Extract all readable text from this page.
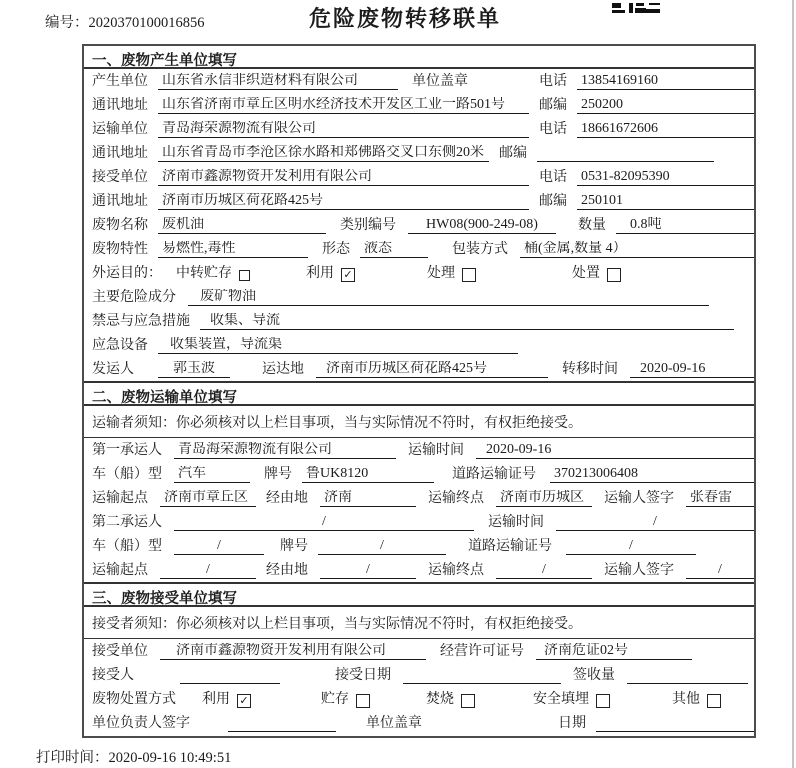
编号：2020370100016856	危险废物转移联单
一、废物产生单位填写
产生单位 山东省永信非织造材料有限公司	单位盖章	电话 13854169160
通讯地址 山东省济南市章丘区明水经济技术开发区工业一路501号	邮编 250200
运输单位 青岛海荣源物流有限公司	电话 18661672606
通讯地址 山东省青岛市李沧区徐水路和郑佛路交叉口东侧20米	邮编
接受单位 济南市鑫源物资开发利用有限公司	电话 0531-82095390
通讯地址 济南市历城区荷花路425号	邮编 250101
废物名称 废机油	类别编号	HW08(900-249-08)	数量	0.8吨
废物特性 易燃性,毒性	形态 液态	包装方式	桶(金属,数量 4）
外运目的： 中转贮存	利用 ✓	处理	处置
主要危险成分	废矿物油
禁忌与应急措施	收集、导流
应急设备	收集装置，导流渠
发运人	郭玉波	运达地	济南市历城区荷花路425号	转移时间	2020-09-16
二、废物运输单位填写
运输者须知：你必须核对以上栏目事项，当与实际情况不符时，有权拒绝接受。
第一承运人	青岛海荣源物流有限公司	运输时间	2020-09-16
车（船）型	汽车	牌号 鲁UK8120	道路运输证号	370213006408
运输起点	济南市章丘区	经由地	济南	运输终点	济南市历城区	运输人签字	张春雷
第二承运人	/	运输时间	/
车（船）型	/	牌号	/	道路运输证号	/
运输起点	/	经由地	/	运输终点	/	运输人签字	/
三、废物接受单位填写
接受者须知：你必须核对以上栏目事项，当与实际情况不符时，有权拒绝接受。
接受单位	济南市鑫源物资开发利用有限公司	经营许可证号	济南危证02号
接受人	接受日期	签收量
废物处置方式	利用 ✓	贮存	焚烧	安全填埋	其他
单位负责人签字	单位盖章	日期
打印时间：2020-09-16 10:49:51
